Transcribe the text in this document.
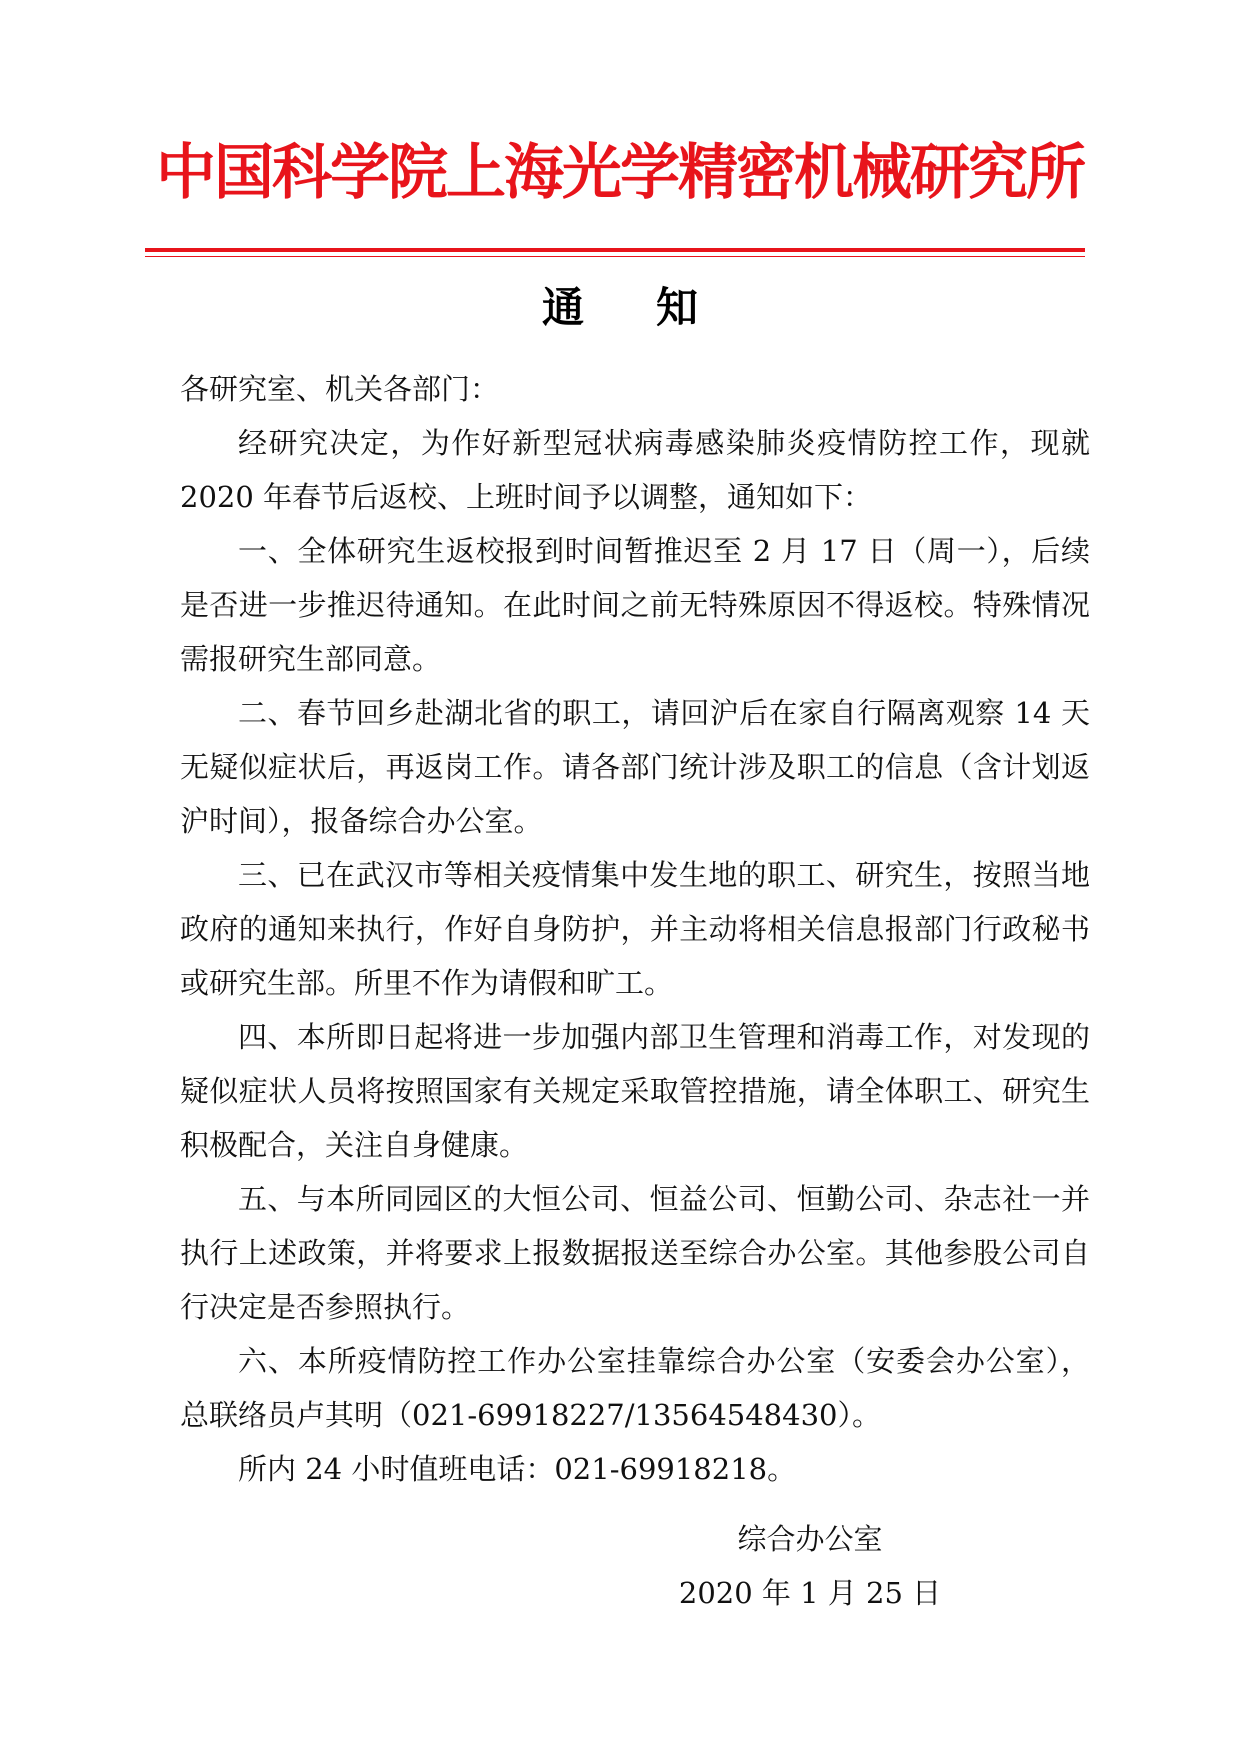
中国科学院上海光学精密机械研究所
通 知

各研究室、机关各部门：

经研究决定，为作好新型冠状病毒感染肺炎疫情防控工作，现就 2020 年春节后返校、上班时间予以调整，通知如下：

一、全体研究生返校报到时间暂推迟至 2 月 17 日（周一），后续是否进一步推迟待通知。在此时间之前无特殊原因不得返校。特殊情况需报研究生部同意。

二、春节回乡赴湖北省的职工，请回沪后在家自行隔离观察 14 天无疑似症状后，再返岗工作。请各部门统计涉及职工的信息（含计划返沪时间），报备综合办公室。

三、已在武汉市等相关疫情集中发生地的职工、研究生，按照当地政府的通知来执行，作好自身防护，并主动将相关信息报部门行政秘书或研究生部。所里不作为请假和旷工。

四、本所即日起将进一步加强内部卫生管理和消毒工作，对发现的疑似症状人员将按照国家有关规定采取管控措施，请全体职工、研究生积极配合，关注自身健康。

五、与本所同园区的大恒公司、恒益公司、恒勤公司、杂志社一并执行上述政策，并将要求上报数据报送至综合办公室。其他参股公司自行决定是否参照执行。

六、本所疫情防控工作办公室挂靠综合办公室（安委会办公室），总联络员卢其明（021-69918227/13564548430）。

所内 24 小时值班电话：021-69918218。

综合办公室
2020 年 1 月 25 日
